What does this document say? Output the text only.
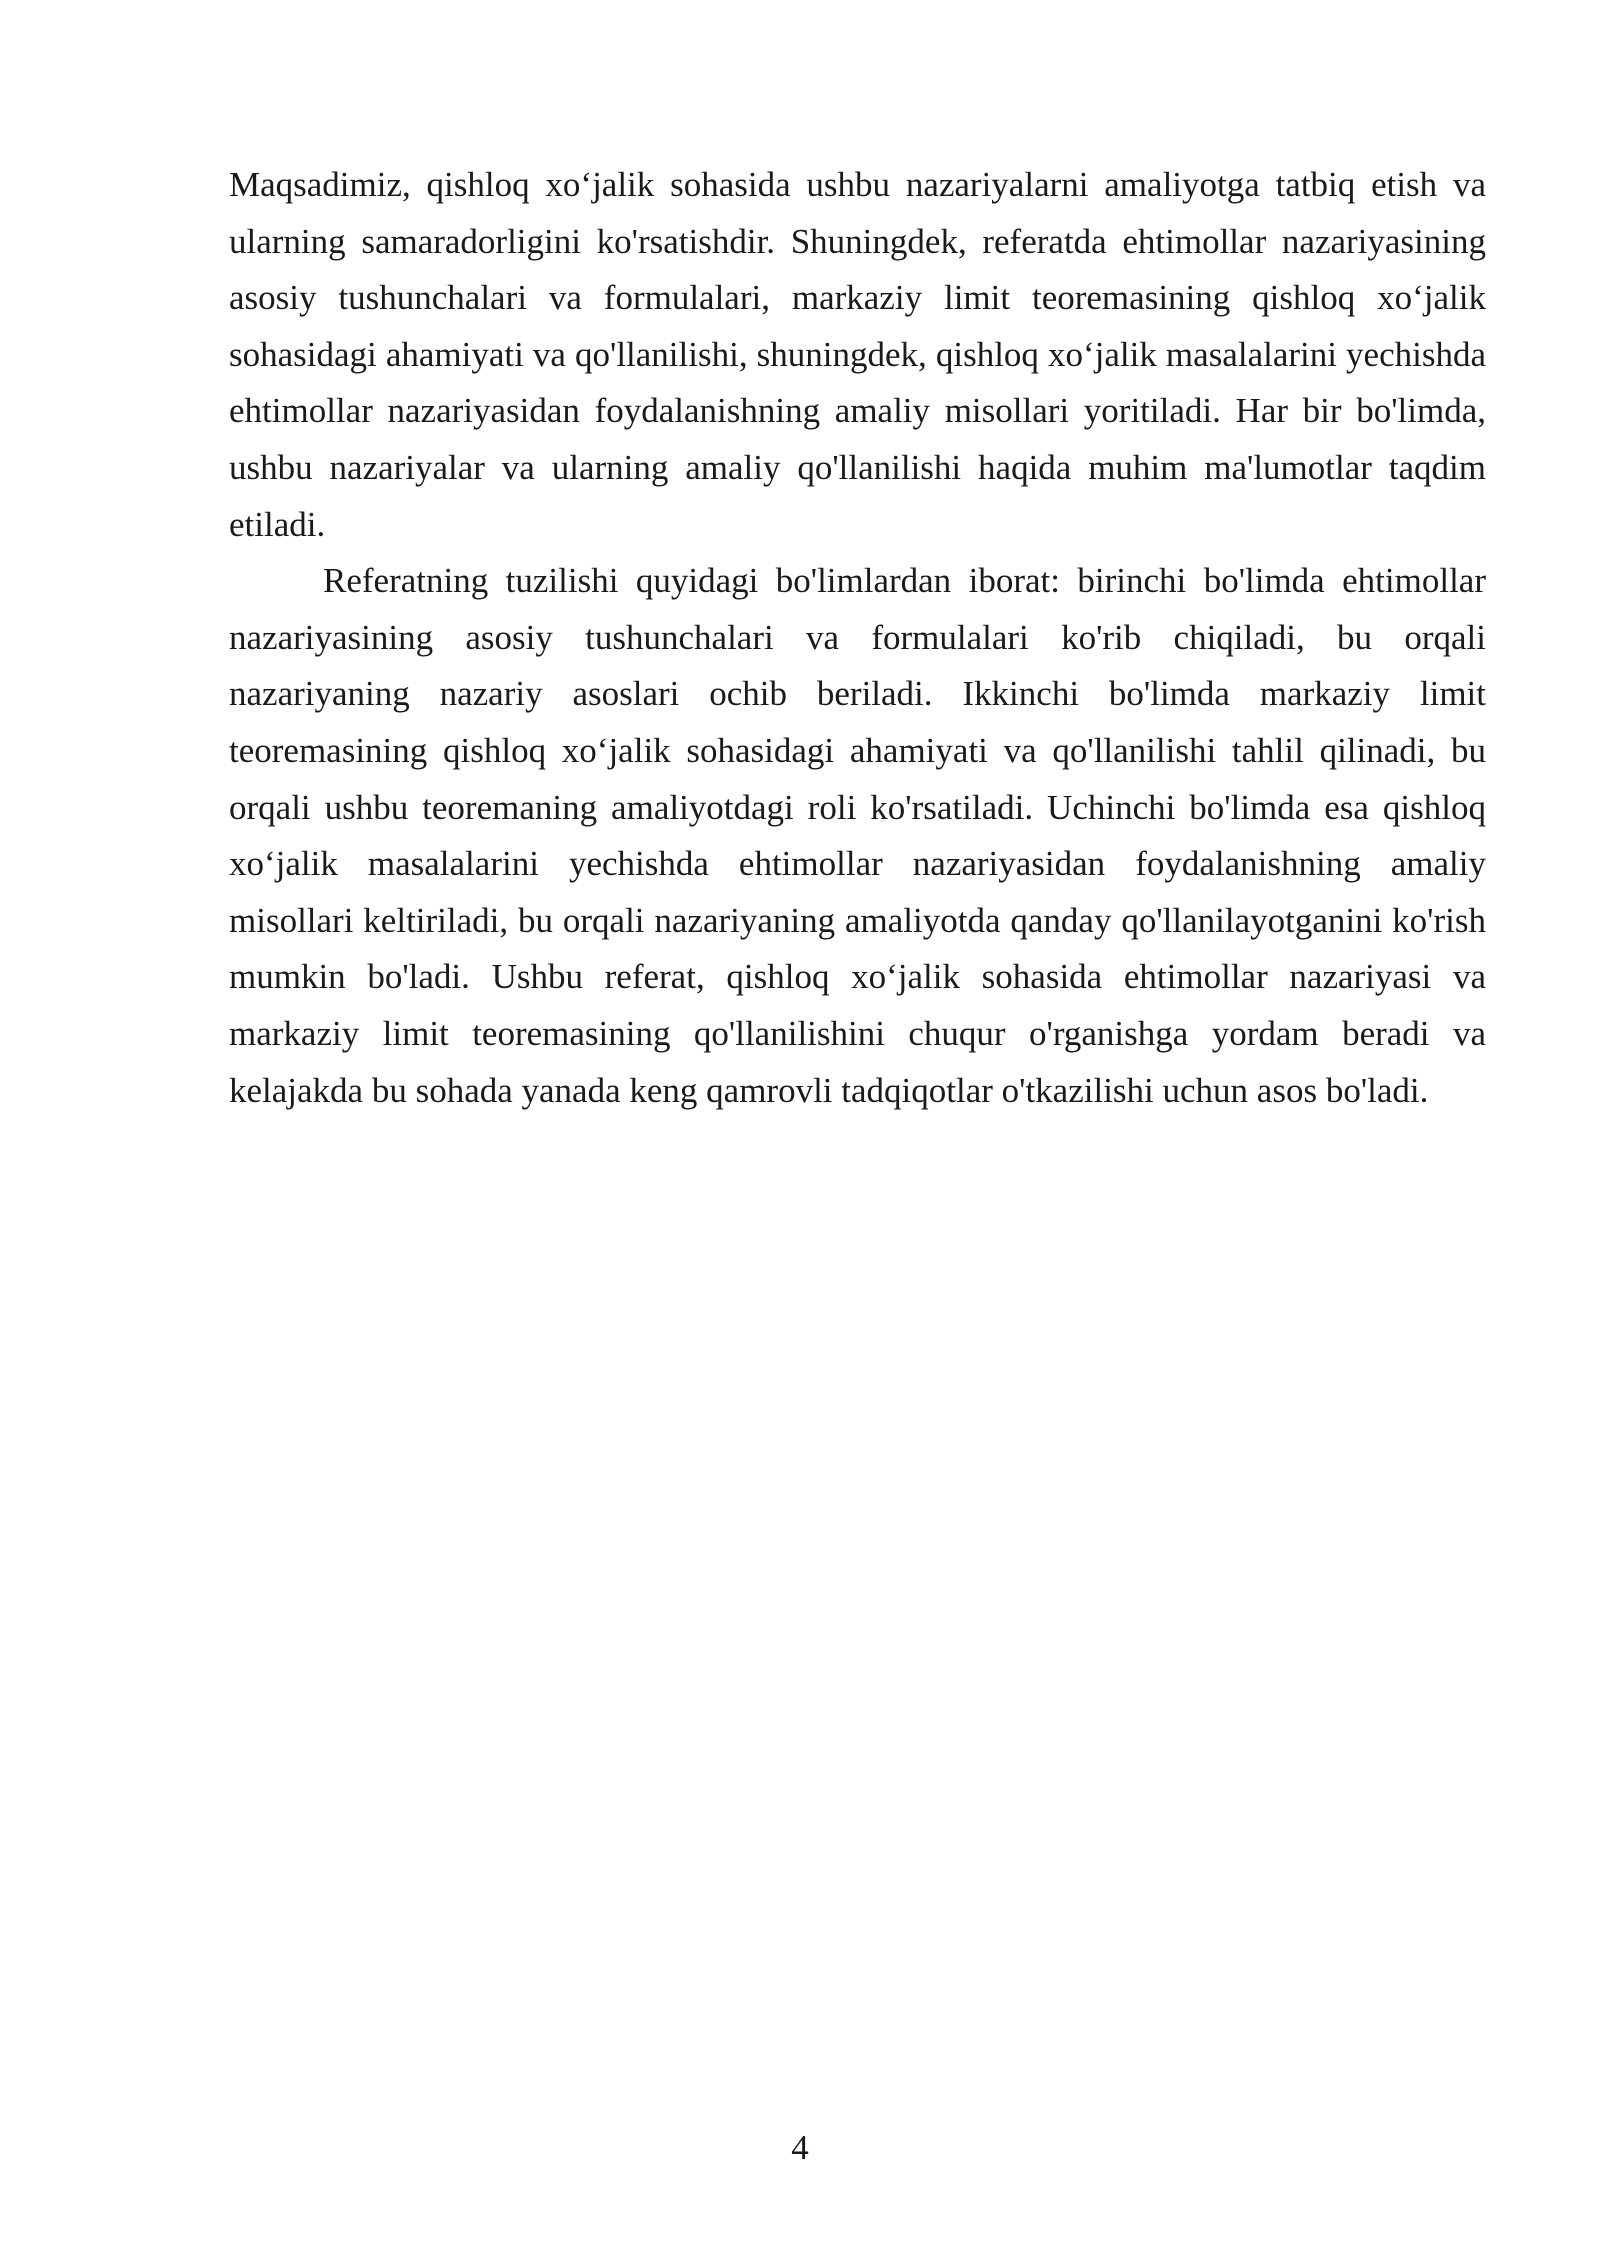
Maqsadimiz, qishloq xo‘jalik sohasida ushbu nazariyalarni amaliyotga tatbiq etish va ularning samaradorligini ko'rsatishdir. Shuningdek, referatda ehtimollar nazariyasining asosiy tushunchalari va formulalari, markaziy limit teoremasining qishloq xo‘jalik sohasidagi ahamiyati va qo'llanilishi, shuningdek, qishloq xo‘jalik masalalarini yechishda ehtimollar nazariyasidan foydalanishning amaliy misollari yoritiladi. Har bir bo'limda, ushbu nazariyalar va ularning amaliy qo'llanilishi haqida muhim ma'lumotlar taqdim etiladi.

Referatning tuzilishi quyidagi bo'limlardan iborat: birinchi bo'limda ehtimollar nazariyasining asosiy tushunchalari va formulalari ko'rib chiqiladi, bu orqali nazariyaning nazariy asoslari ochib beriladi. Ikkinchi bo'limda markaziy limit teoremasining qishloq xo‘jalik sohasidagi ahamiyati va qo'llanilishi tahlil qilinadi, bu orqali ushbu teoremaning amaliyotdagi roli ko'rsatiladi. Uchinchi bo'limda esa qishloq xo‘jalik masalalarini yechishda ehtimollar nazariyasidan foydalanishning amaliy misollari keltiriladi, bu orqali nazariyaning amaliyotda qanday qo'llanilayotganini ko'rish mumkin bo'ladi. Ushbu referat, qishloq xo‘jalik sohasida ehtimollar nazariyasi va markaziy limit teoremasining qo'llanilishini chuqur o'rganishga yordam beradi va kelajakda bu sohada yanada keng qamrovli tadqiqotlar o'tkazilishi uchun asos bo'ladi.

4
